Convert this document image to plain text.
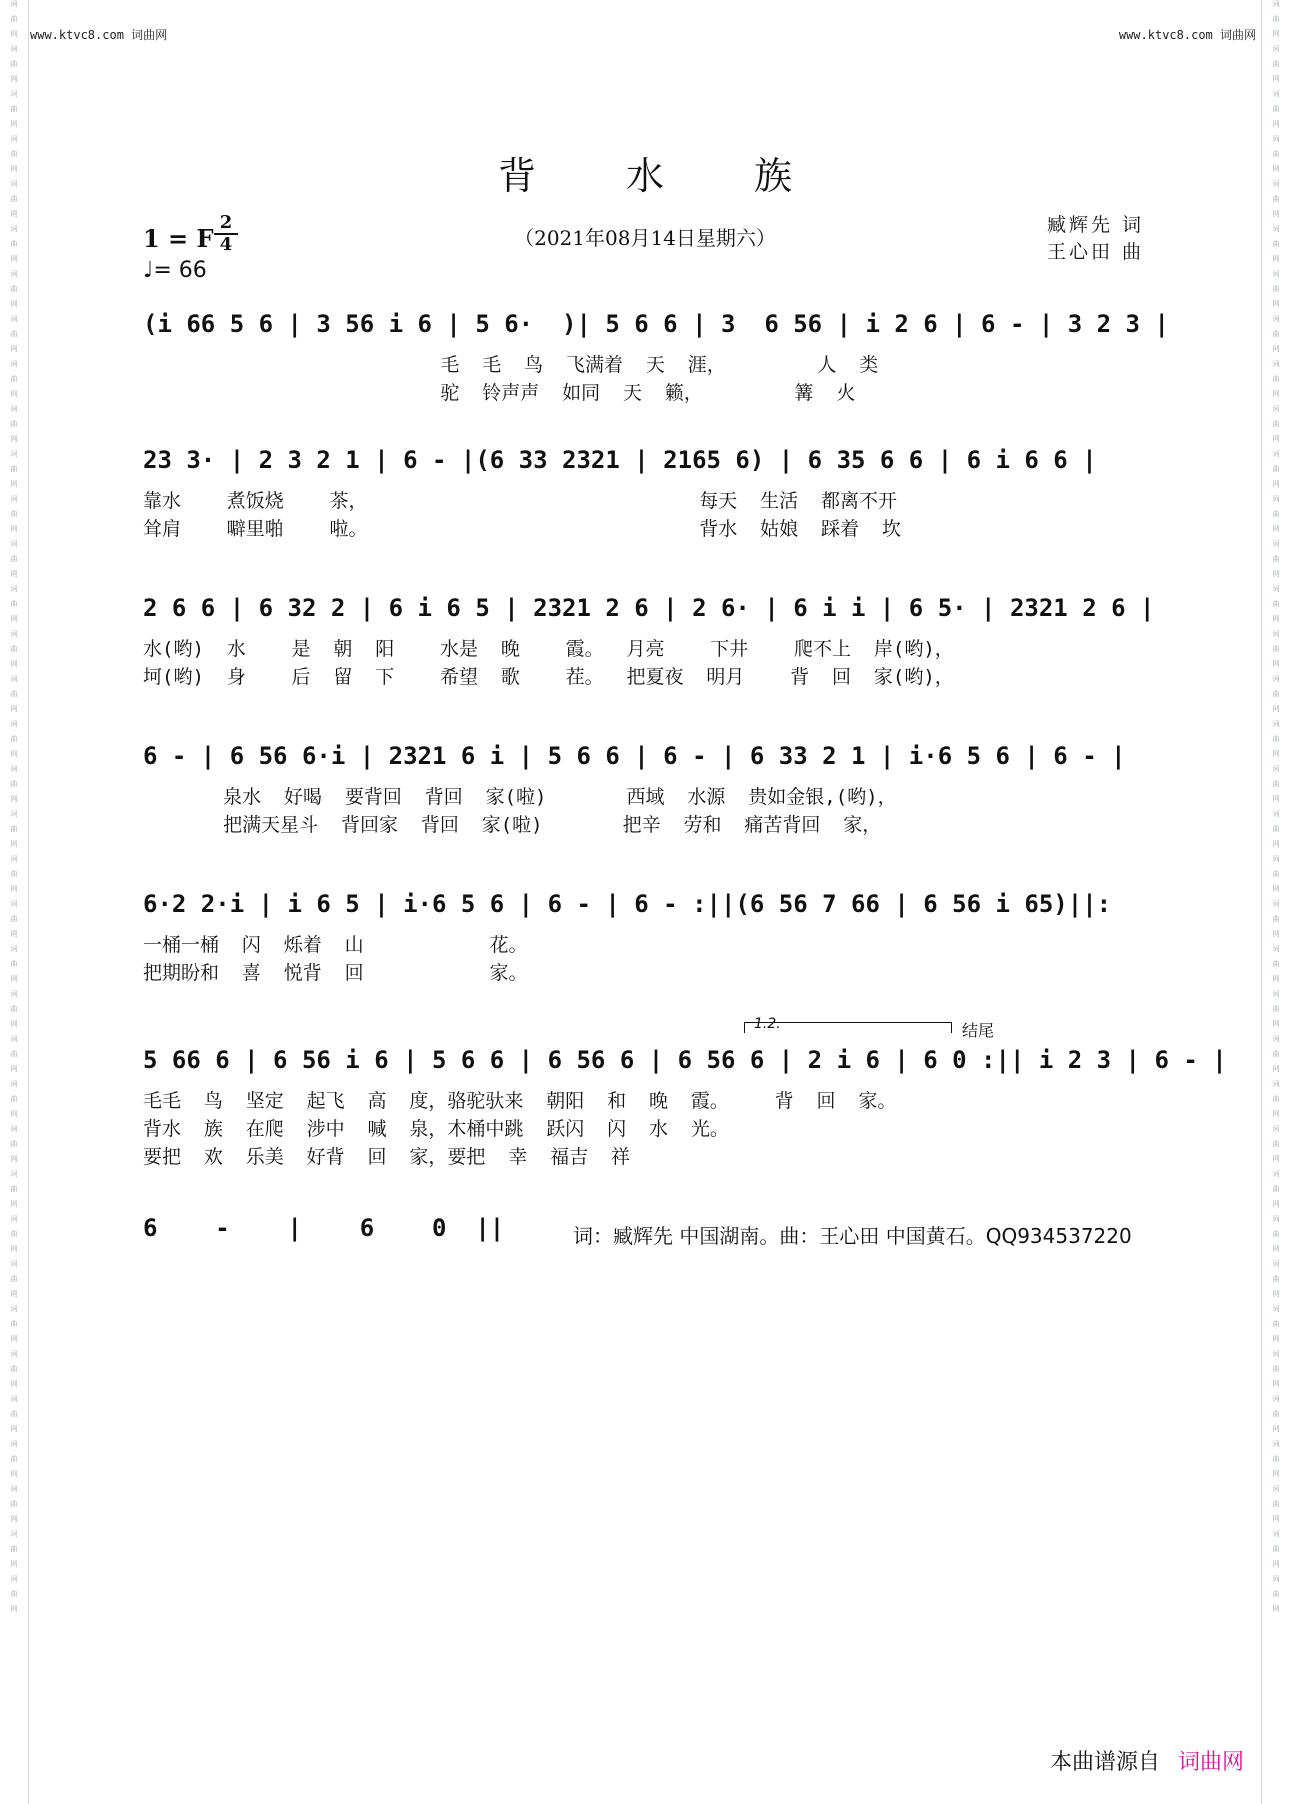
词
曲
网
词
曲
网
词
曲
网
词
曲
网
词
曲
网
词
曲
网
词
曲
网
词
曲
网
词
曲
网
词
曲
网
词
曲
网
词
曲
网
词
曲
网
词
曲
网
词
曲
网
词
曲
网
词
曲
网
词
曲
网
词
曲
网
词
曲
网
词
曲
网
词
曲
网
词
曲
网
词
曲
网
词
曲
网
词
曲
网
词
曲
网
词
曲
网
词
曲
网
词
曲
网
词
曲
网
词
曲
网
词
曲
网
词
曲
网
词
曲
网
词
曲
网
词
曲
网
词
曲
网
词
曲
网
词
曲
网
词
曲
网
词
曲
网
词
曲
网
词
曲
网
词
曲
网
词
曲
网
词
曲
网
词
曲
网
词
曲
网
词
曲
网
词
曲
网
词
曲
网
词
曲
网
词
曲
网
词
曲
网
词
曲
网
词
曲
网
词
曲
网
词
曲
网
词
曲
网
词
曲
网
词
曲
网
词
曲
网
词
曲
网
词
曲
网
词
曲
网
词
曲
网
词
曲
网
词
曲
网
词
曲
网
词
曲
网
词
曲
网
www.ktvc8.com 词曲网	www.ktvc8.com 词曲网
背水族
1 = F
2
4
♩= 66
（2021年08月14日星期六）
臧辉先 词
王心田 曲
(i 66 5 6 | 3 56 i 6 | 5 6·  )| 5 6 6 | 3  6 56 | i 2 6 | 6 - | 3 2 3 |
毛  毛  鸟  飞满着  天  涯，        人  类
驼  铃声声  如同  天  籁，        篝  火
23 3· | 2 3 2 1 | 6 - |(6 33 2321 | 2165 6) | 6 35 6 6 | 6 i 6 6 |
靠水    煮饭烧    茶，                             每天  生活  都离不开
耸肩    噼里啪    啦。                             背水  姑娘  踩着  坎
2 6 6 | 6 32 2 | 6 i 6 5 | 2321 2 6 | 2 6· | 6 i i | 6 5· | 2321 2 6 |
水(哟)  水    是  朝  阳    水是  晚    霞。  月亮    下井    爬不上  岸(哟)，
坷(哟)  身    后  留  下    希望  歌    茬。  把夏夜  明月    背  回  家(哟)，
6 - | 6 56 6·i | 2321 6 i | 5 6 6 | 6 - | 6 33 2 1 | i·6 5 6 | 6 - |
泉水  好喝  要背回  背回  家(啦)       西域  水源  贵如金银,(哟)，
把满天星斗  背回家  背回  家(啦)       把辛  劳和  痛苦背回  家，
6·2 2·i | i 6 5 | i·6 5 6 | 6 - | 6 - :||(6 56 7 66 | 6 56 i 65)||:
一桶一桶  闪  烁着  山           花。
把期盼和  喜  悦背  回           家。
1.2.	结尾
5 66 6 | 6 56 i 6 | 5 6 6 | 6 56 6 | 6 56 6 | 2 i 6 | 6 0 :|| i 2 3 | 6 - |
毛毛  鸟  坚定  起飞  高  度，骆驼驮来  朝阳  和  晚  霞。    背  回  家。
背水  族  在爬  涉中  喊  泉，木桶中跳  跃闪  闪  水  光。
要把  欢  乐美  好背  回  家，要把  幸  福吉  祥
6    -    |    6    0  ||	词：臧辉先 中国湖南。曲：王心田 中国黄石。QQ934537220
本曲谱源自 词曲网
